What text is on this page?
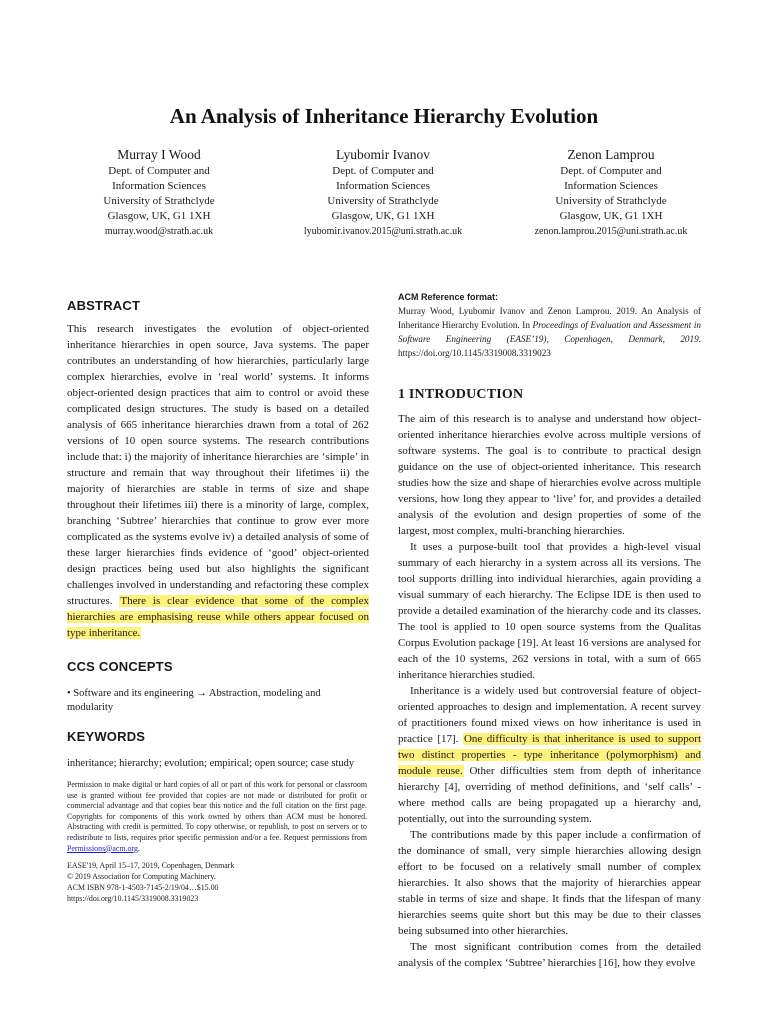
An Analysis of Inheritance Hierarchy Evolution
Murray I Wood
Dept. of Computer and
Information Sciences
University of Strathclyde
Glasgow, UK, G1 1XH
murray.wood@strath.ac.uk
Lyubomir Ivanov
Dept. of Computer and
Information Sciences
University of Strathclyde
Glasgow, UK, G1 1XH
lyubomir.ivanov.2015@uni.strath.ac.uk
Zenon Lamprou
Dept. of Computer and
Information Sciences
University of Strathclyde
Glasgow, UK, G1 1XH
zenon.lamprou.2015@uni.strath.ac.uk
ABSTRACT

This research investigates the evolution of object-oriented inheritance hierarchies in open source, Java systems. The paper contributes an understanding of how hierarchies, particularly large complex hierarchies, evolve in ‘real world’ systems. It informs object-oriented design practices that aim to control or avoid these complicated design structures. The study is based on a detailed analysis of 665 inheritance hierarchies drawn from a total of 262 versions of 10 open source systems. The research contributions include that: i) the majority of inheritance hierarchies are ‘simple’ in structure and remain that way throughout their lifetimes ii) the majority of hierarchies are stable in terms of size and shape throughout their lifetimes iii) there is a minority of large, complex, branching ‘Subtree’ hierarchies that continue to grow ever more complicated as the systems evolve iv) a detailed analysis of some of these larger hierarchies finds evidence of ‘good’ object-oriented design practices being used but also highlights the significant challenges involved in understanding and refactoring these complex structures. There is clear evidence that some of the complex hierarchies are emphasising reuse while others appear focused on type inheritance.

CCS CONCEPTS

• Software and its engineering → Abstraction, modeling and modularity

KEYWORDS

inheritance; hierarchy; evolution; empirical; open source; case study

Permission to make digital or hard copies of all or part of this work for personal or classroom use is granted without fee provided that copies are not made or distributed for profit or commercial advantage and that copies bear this notice and the full citation on the first page. Copyrights for components of this work owned by others than ACM must be honored. Abstracting with credit is permitted. To copy otherwise, or republish, to post on servers or to redistribute to lists, requires prior specific permission and/or a fee. Request permissions from Permissions@acm.org.

EASE'19, April 15–17, 2019, Copenhagen, Denmark
© 2019 Association for Computing Machinery.
ACM ISBN 978-1-4503-7145-2/19/04…$15.00
https://doi.org/10.1145/3319008.3319023
ACM Reference format:

Murray Wood, Lyubomir Ivanov and Zenon Lamprou. 2019. An Analysis of Inheritance Hierarchy Evolution. In Proceedings of Evaluation and Assessment in Software Engineering (EASE’19), Copenhagen, Denmark, 2019. https://doi.org/10.1145/3319008.3319023

1 INTRODUCTION

The aim of this research is to analyse and understand how object-oriented inheritance hierarchies evolve across multiple versions of software systems. The goal is to contribute to practical design guidance on the use of object-oriented inheritance. This research studies how the size and shape of hierarchies evolve across multiple versions, how long they appear to ‘live’ for, and provides a detailed analysis of the evolution and design properties of some of the largest, most complex, multi-branching hierarchies.

It uses a purpose-built tool that provides a high-level visual summary of each hierarchy in a system across all its versions. The tool supports drilling into individual hierarchies, again providing a visual summary of each hierarchy. The Eclipse IDE is then used to provide a detailed examination of the hierarchy code and its classes. The tool is applied to 10 open source systems from the Qualitas Corpus Evolution package [19]. At least 16 versions are analysed for each of the 10 systems, 262 versions in total, with a sum of 665 inheritance hierarchies studied.

Inheritance is a widely used but controversial feature of object-oriented approaches to design and implementation. A recent survey of practitioners found mixed views on how inheritance is used in practice [17]. One difficulty is that inheritance is used to support two distinct properties - type inheritance (polymorphism) and module reuse. Other difficulties stem from depth of inheritance hierarchy [4], overriding of method definitions, and ‘self calls’ - where method calls are being propagated up a hierarchy and, potentially, out into the surrounding system.

The contributions made by this paper include a confirmation of the dominance of small, very simple hierarchies allowing design effort to be focused on a relatively small number of complex hierarchies. It also shows that the majority of hierarchies appear stable in terms of size and shape. It finds that the lifespan of many hierarchies seems quite short but this may be due to their classes being subsumed into other hierarchies.

The most significant contribution comes from the detailed analysis of the complex ‘Subtree’ hierarchies [16], how they evolve
